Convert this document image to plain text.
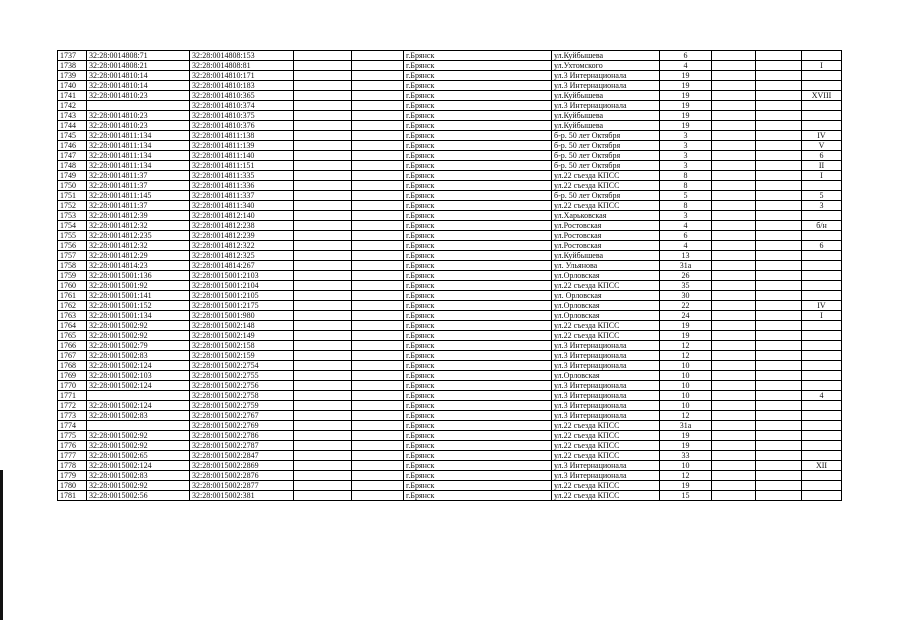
1737	32:28:0014808:71	32:28:0014808:153			г.Брянск	ул.Куйбышева	6			
1738	32:28:0014808:21	32:28:0014808:81			г.Брянск	ул.Ухтомского	4			I
1739	32:28:0014810:14	32:28:0014810:171			г.Брянск	ул.3 Интернационала	19			
1740	32:28:0014810:14	32:28:0014810:183			г.Брянск	ул.3 Интернационала	19			
1741	32:28:0014810:23	32:28:0014810:365			г.Брянск	ул.Куйбышева	19			XVIII
1742		32:28:0014810:374			г.Брянск	ул.3 Интернационала	19			
1743	32:28:0014810:23	32:28:0014810:375			г.Брянск	ул.Куйбышева	19			
1744	32:28:0014810:23	32:28:0014810:376			г.Брянск	ул.Куйбышева	19			
1745	32:28:0014811:134	32:28:0014811:138			г.Брянск	б-р. 50 лет Октября	3			IV
1746	32:28:0014811:134	32:28:0014811:139			г.Брянск	б-р. 50 лет Октября	3			V
1747	32:28:0014811:134	32:28:0014811:140			г.Брянск	б-р. 50 лет Октября	3			6
1748	32:28:0014811:134	32:28:0014811:151			г.Брянск	б-р. 50 лет Октября	3			II
1749	32:28:0014811:37	32:28:0014811:335			г.Брянск	ул.22 съезда КПСС	8			I
1750	32:28:0014811:37	32:28:0014811:336			г.Брянск	ул.22 съезда КПСС	8			
1751	32:28:0014811:145	32:28:0014811:337			г.Брянск	б-р. 50 лет Октября	5			5
1752	32:28:0014811:37	32:28:0014811:340			г.Брянск	ул.22 съезда КПСС	8			3
1753	32:28:0014812:39	32:28:0014812:140			г.Брянск	ул.Харьковская	3			
1754	32:28:0014812:32	32:28:0014812:238			г.Брянск	ул.Ростовская	4			б/н
1755	32:28:0014812:235	32:28:0014812:239			г.Брянск	ул.Ростовская	6			
1756	32:28:0014812:32	32:28:0014812:322			г.Брянск	ул.Ростовская	4			6
1757	32:28:0014812:29	32:28:0014812:325			г.Брянск	ул.Куйбышева	13			
1758	32:28:0014814:23	32:28:0014814:267			г.Брянск	ул. Ульянова	31а			
1759	32:28:0015001:136	32:28:0015001:2103			г.Брянск	ул.Орловская	26			
1760	32:28:0015001:92	32:28:0015001:2104			г.Брянск	ул.22 съезда КПСС	35			
1761	32:28:0015001:141	32:28:0015001:2105			г.Брянск	ул. Орловская	30			
1762	32:28:0015001:152	32:28:0015001:2175			г.Брянск	ул.Орловская	22			IV
1763	32:28:0015001:134	32:28:0015001:980			г.Брянск	ул.Орловская	24			I
1764	32:28:0015002:92	32:28:0015002:148			г.Брянск	ул.22 съезда КПСС	19			
1765	32:28:0015002:92	32:28:0015002:149			г.Брянск	ул.22 съезда КПСС	19			
1766	32:28:0015002:79	32:28:0015002:158			г.Брянск	ул.3 Интернационала	12			
1767	32:28:0015002:83	32:28:0015002:159			г.Брянск	ул.3 Интернационала	12			
1768	32:28:0015002:124	32:28:0015002:2754			г.Брянск	ул.3 Интернационала	10			
1769	32:28:0015002:103	32:28:0015002:2755			г.Брянск	ул.Орловская	10			
1770	32:28:0015002:124	32:28:0015002:2756			г.Брянск	ул.3 Интернационала	10			
1771		32:28:0015002:2758			г.Брянск	ул.3 Интернационала	10			4
1772	32:28:0015002:124	32:28:0015002:2759			г.Брянск	ул.3 Интернационала	10			
1773	32:28:0015002:83	32:28:0015002:2767			г.Брянск	ул.3 Интернационала	12			
1774		32:28:0015002:2769			г.Брянск	ул.22 съезда КПСС	31а			
1775	32:28:0015002:92	32:28:0015002:2786			г.Брянск	ул.22 съезда КПСС	19			
1776	32:28:0015002:92	32:28:0015002:2787			г.Брянск	ул.22 съезда КПСС	19			
1777	32:28:0015002:65	32:28:0015002:2847			г.Брянск	ул.22 съезда КПСС	33			
1778	32:28:0015002:124	32:28:0015002:2869			г.Брянск	ул.3 Интернационала	10			XII
1779	32:28:0015002:83	32:28:0015002:2876			г.Брянск	ул.3 Интернационала	12			
1780	32:28:0015002:92	32:28:0015002:2877			г.Брянск	ул.22 съезда КПСС	19			
1781	32:28:0015002:56	32:28:0015002:381			г.Брянск	ул.22 съезда КПСС	15			
